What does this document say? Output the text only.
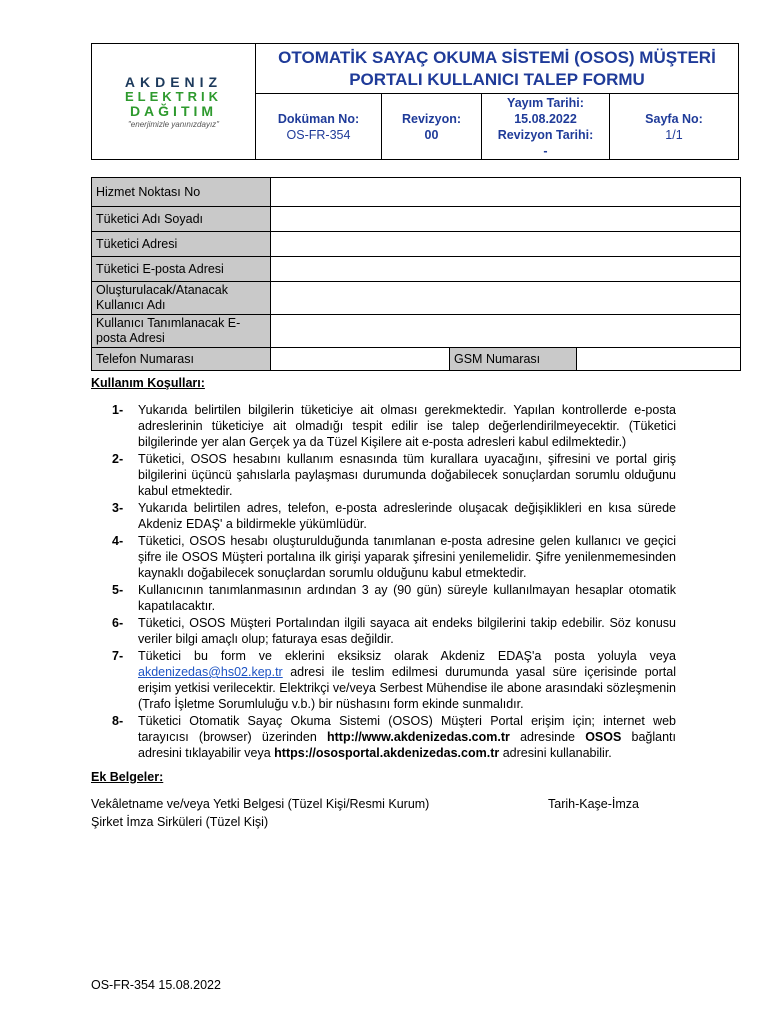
AKDENIZ
ELEKTRIK
DAĞITIM
"enerjimizle yanınızdayız"
OTOMATİK SAYAÇ OKUMA SİSTEMİ (OSOS) MÜŞTERİ PORTALI KULLANICI TALEP FORMU
Doküman No:
OS-FR-354
Revizyon:
00
Yayım Tarihi:
15.08.2022
Revizyon Tarihi:
-
Sayfa No:
1/1
Hizmet Noktası No			
Tüketici Adı Soyadı			
Tüketici Adresi			
Tüketici E-posta Adresi			
Oluşturulacak/Atanacak Kullanıcı Adı			
Kullanıcı Tanımlanacak E-posta Adresi			
Telefon Numarası		GSM Numarası	
Kullanım Koşulları:
1- Yukarıda belirtilen bilgilerin tüketiciye ait olması gerekmektedir. Yapılan kontrollerde e-posta adreslerinin tüketiciye ait olmadığı tespit edilir ise talep değerlendirilmeyecektir. (Tüketici bilgilerinde yer alan Gerçek ya da Tüzel Kişilere ait e-posta adresleri kabul edilmektedir.)
2- Tüketici, OSOS hesabını kullanım esnasında tüm kurallara uyacağını, şifresini ve portal giriş bilgilerini üçüncü şahıslarla paylaşması durumunda doğabilecek sonuçlardan sorumlu olduğunu kabul etmektedir.
3- Yukarıda belirtilen adres, telefon, e-posta adreslerinde oluşacak değişiklikleri en kısa sürede Akdeniz EDAŞ' a bildirmekle yükümlüdür.
4- Tüketici, OSOS hesabı oluşturulduğunda tanımlanan e-posta adresine gelen kullanıcı ve geçici şifre ile OSOS Müşteri portalına ilk girişi yaparak şifresini yenilemelidir. Şifre yenilenmemesinden kaynaklı doğabilecek sonuçlardan sorumlu olduğunu kabul etmektedir.
5- Kullanıcının tanımlanmasının ardından 3 ay (90 gün) süreyle kullanılmayan hesaplar otomatik kapatılacaktır.
6- Tüketici, OSOS Müşteri Portalından ilgili sayaca ait endeks bilgilerini takip edebilir. Söz konusu veriler bilgi amaçlı olup; faturaya esas değildir.
7- Tüketici bu form ve eklerini eksiksiz olarak Akdeniz EDAŞ'a posta yoluyla veya akdenizedas@hs02.kep.tr adresi ile teslim edilmesi durumunda yasal süre içerisinde portal erişim yetkisi verilecektir. Elektrikçi ve/veya Serbest Mühendise ile abone arasındaki sözleşmenin (Trafo İşletme Sorumluluğu v.b.) bir nüshasını form ekinde sunmalıdır.
8- Tüketici Otomatik Sayaç Okuma Sistemi (OSOS) Müşteri Portal erişim için; internet web tarayıcısı (browser) üzerinden http://www.akdenizedas.com.tr adresinde OSOS bağlantı adresini tıklayabilir veya https://ososportal.akdenizedas.com.tr adresini kullanabilir.
Ek Belgeler:
Vekâletname ve/veya Yetki Belgesi (Tüzel Kişi/Resmi Kurum)
Şirket İmza Sirküleri (Tüzel Kişi)
Tarih-Kaşe-İmza
OS-FR-354 15.08.2022
